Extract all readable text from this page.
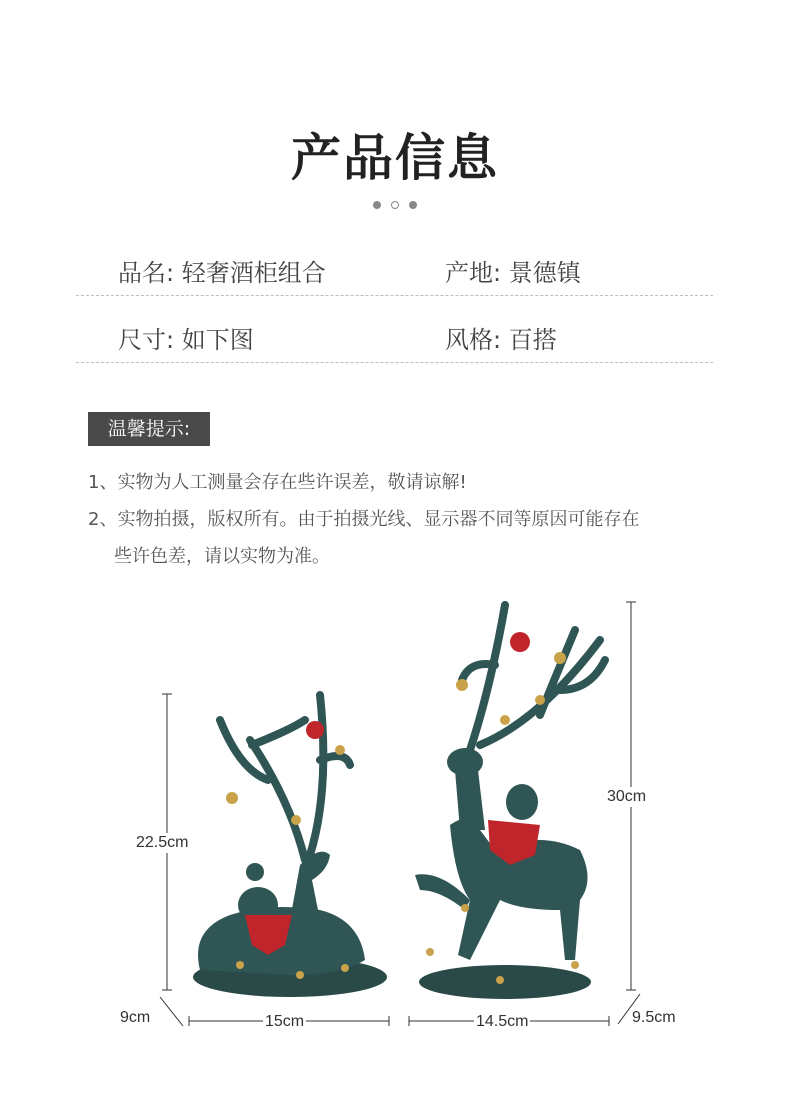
产品信息
品名: 轻奢酒柜组合	产地: 景德镇
尺寸: 如下图	风格: 百搭
温馨提示:
1、实物为人工测量会存在些许误差，敬请谅解!
2、实物拍摄，版权所有。由于拍摄光线、显示器不同等原因可能存在
些许色差，请以实物为准。
22.5cm
9cm	15cm
30cm
14.5cm	9.5cm
